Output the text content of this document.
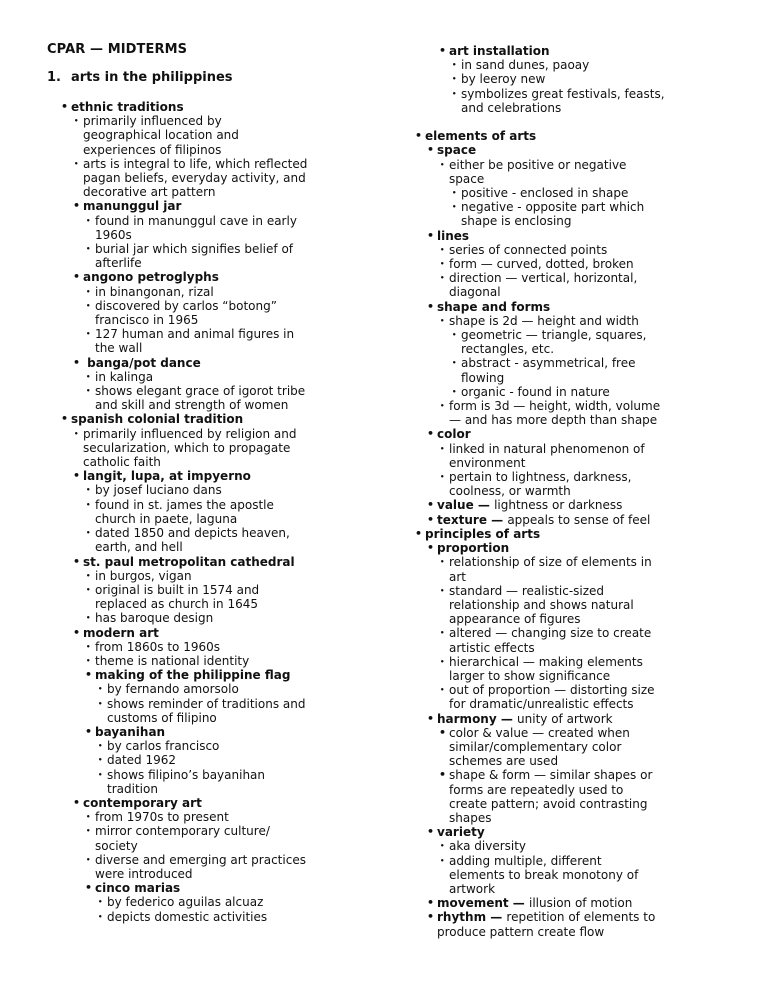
CPAR — MIDTERMS
1. arts in the philippines
• ethnic traditions
• primarily influenced by
geographical location and
experiences of filipinos
• arts is integral to life, which reflected
pagan beliefs, everyday activity, and
decorative art pattern
• manunggul jar
• found in manunggul cave in early
1960s
• burial jar which signifies belief of
afterlife
• angono petroglyphs
• in binangonan, rizal
• discovered by carlos “botong”
francisco in 1965
• 127 human and animal figures in
the wall
• banga/pot dance
• in kalinga
• shows elegant grace of igorot tribe
and skill and strength of women
• spanish colonial tradition
• primarily influenced by religion and
secularization, which to propagate
catholic faith
• langit, lupa, at impyerno
• by josef luciano dans
• found in st. james the apostle
church in paete, laguna
• dated 1850 and depicts heaven,
earth, and hell
• st. paul metropolitan cathedral
• in burgos, vigan
• original is built in 1574 and
replaced as church in 1645
• has baroque design
• modern art
• from 1860s to 1960s
• theme is national identity
• making of the philippine flag
• by fernando amorsolo
• shows reminder of traditions and
customs of filipino
• bayanihan
• by carlos francisco
• dated 1962
• shows filipino’s bayanihan
tradition
• contemporary art
• from 1970s to present
• mirror contemporary culture/
society
• diverse and emerging art practices
were introduced
• cinco marias
• by federico aguilas alcuaz
• depicts domestic activities
• art installation
• in sand dunes, paoay
• by leeroy new
• symbolizes great festivals, feasts,
and celebrations
• elements of arts
• space
• either be positive or negative
space
• positive - enclosed in shape
• negative - opposite part which
shape is enclosing
• lines
• series of connected points
• form — curved, dotted, broken
• direction — vertical, horizontal,
diagonal
• shape and forms
• shape is 2d — height and width
• geometric — triangle, squares,
rectangles, etc.
• abstract - asymmetrical, free
flowing
• organic - found in nature
• form is 3d — height, width, volume
— and has more depth than shape
• color
• linked in natural phenomenon of
environment
• pertain to lightness, darkness,
coolness, or warmth
• value — lightness or darkness
• texture — appeals to sense of feel
• principles of arts
• proportion
• relationship of size of elements in
art
• standard — realistic-sized
relationship and shows natural
appearance of figures
• altered — changing size to create
artistic effects
• hierarchical — making elements
larger to show significance
• out of proportion — distorting size
for dramatic/unrealistic effects
• harmony — unity of artwork
• color & value — created when
similar/complementary color
schemes are used
• shape & form — similar shapes or
forms are repeatedly used to
create pattern; avoid contrasting
shapes
• variety
• aka diversity
• adding multiple, different
elements to break monotony of
artwork
• movement — illusion of motion
• rhythm — repetition of elements to
produce pattern create flow
